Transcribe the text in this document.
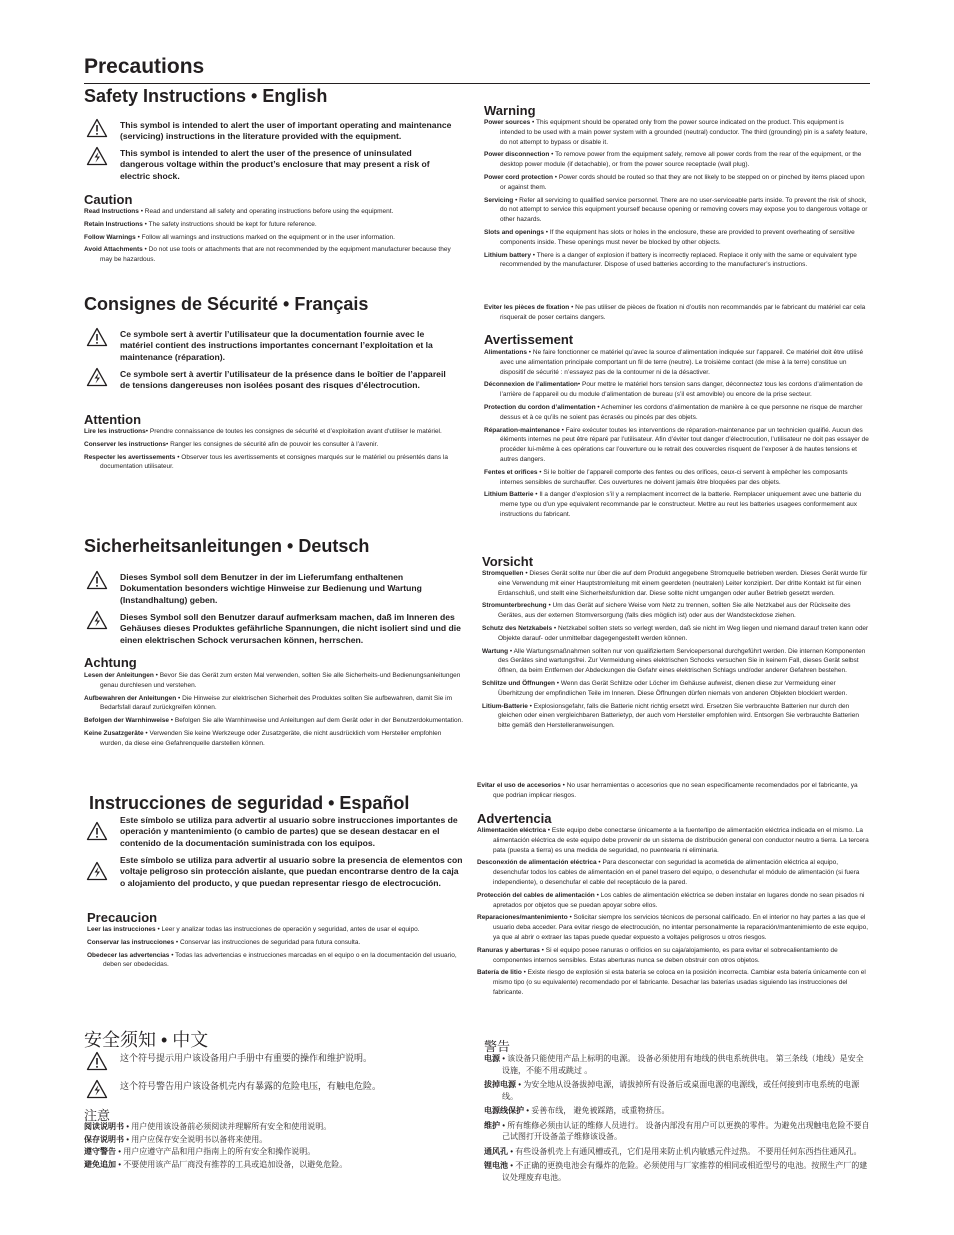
Precautions
Safety Instructions • English
This symbol is intended to alert the user of important operating and maintenance (servicing) instructions in the literature provided with the equipment.
This symbol is intended to alert the user of the presence of uninsulated dangerous voltage within the product’s enclosure that may present a risk of electric shock.
Caution
Read Instructions • Read and understand all safety and operating instructions before using the equipment.
Retain Instructions • The safety instructions should be kept for future reference.
Follow Warnings • Follow all warnings and instructions marked on the equipment or in the user information.
Avoid Attachments • Do not use tools or attachments that are not recommended by the equipment manufacturer because they may be hazardous.
Warning
Power sources • This equipment should be operated only from the power source indicated on the product. This equipment is intended to be used with a main power system with a grounded (neutral) conductor. The third (grounding) pin is a safety feature, do not attempt to bypass or disable it.
Power disconnection • To remove power from the equipment safely, remove all power cords from the rear of the equipment, or the desktop power module (if detachable), or from the power source receptacle (wall plug).
Power cord protection • Power cords should be routed so that they are not likely to be stepped on or pinched by items placed upon or against them.
Servicing • Refer all servicing to qualified service personnel. There are no user-serviceable parts inside. To prevent the risk of shock, do not attempt to service this equipment yourself because opening or removing covers may expose you to dangerous voltage or other hazards.
Slots and openings • If the equipment has slots or holes in the enclosure, these are provided to prevent overheating of sensitive components inside. These openings must never be blocked by other objects.
Lithium battery • There is a danger of explosion if battery is incorrectly replaced. Replace it only with the same or equivalent type recommended by the manufacturer. Dispose of used batteries according to the manufacturer’s instructions.
Consignes de Sécurité • Français
Ce symbole sert à avertir l’utilisateur que la documentation fournie avec le matériel contient des instructions importantes concernant l’exploitation et la maintenance (réparation).
Ce symbole sert à avertir l’utilisateur de la présence dans le boîtier de l’appareil de tensions dangereuses non isolées posant des risques d’électrocution.
Attention
Lire les instructions• Prendre connaissance de toutes les consignes de sécurité et d’exploitation avant d’utiliser le matériel.
Conserver les instructions• Ranger les consignes de sécurité afin de pouvoir les consulter à l’avenir.
Respecter les avertissements • Observer tous les avertissements et consignes marqués sur le matériel ou présentés dans la documentation utilisateur.
Eviter les pièces de fixation • Ne pas utiliser de pièces de fixation ni d’outils non recommandés par le fabricant du matériel car cela risquerait de poser certains dangers.
Avertissement
Alimentations • Ne faire fonctionner ce matériel qu’avec la source d’alimentation indiquée sur l’appareil. Ce matériel doit être utilisé avec une alimentation principale comportant un fil de terre (neutre). Le troisième contact (de mise à la terre) constitue un dispositif de sécurité : n’essayez pas de la contourner ni de la désactiver.
Déconnexion de l’alimentation• Pour mettre le matériel hors tension sans danger, déconnectez tous les cordons d’alimentation de l’arrière de l’appareil ou du module d’alimentation de bureau (s’il est amovible) ou encore de la prise secteur.
Protection du cordon d’alimentation • Acheminer les cordons d’alimentation de manière à ce que personne ne risque de marcher dessus et à ce qu’ils ne soient pas écrasés ou pincés par des objets.
Réparation-maintenance • Faire exécuter toutes les interventions de réparation-maintenance par un technicien qualifié. Aucun des éléments internes ne peut être réparé par l’utilisateur. Afin d’éviter tout danger d’électrocution, l’utilisateur ne doit pas essayer de procéder lui-même à ces opérations car l’ouverture ou le retrait des couvercles risquent de l’exposer à de hautes tensions et autres dangers.
Fentes et orifices • Si le boîtier de l’appareil comporte des fentes ou des orifices, ceux-ci servent à empêcher les composants internes sensibles de surchauffer. Ces ouvertures ne doivent jamais être bloquées par des objets.
Lithium Batterie • Il a danger d’explosion s’il y a remplacment incorrect de la batterie. Remplacer uniquement avec une batterie du meme type ou d’un ype equivalent recommande par le constructeur. Mettre au reut les batteries usagees conformement aux instructions du fabricant.
Sicherheitsanleitungen • Deutsch
Dieses Symbol soll dem Benutzer in der im Lieferumfang enthaltenen Dokumentation besonders wichtige Hinweise zur Bedienung und Wartung (Instandhaltung) geben.
Dieses Symbol soll den Benutzer darauf aufmerksam machen, daß im Inneren des Gehäuses dieses Produktes gefährliche Spannungen, die nicht isoliert sind und die einen elektrischen Schock verursachen können, herrschen.
Achtung
Lesen der Anleitungen • Bevor Sie das Gerät zum ersten Mal verwenden, sollten Sie alle Sicherheits-und Bedienungsanleitungen genau durchlesen und verstehen.
Aufbewahren der Anleitungen • Die Hinweise zur elektrischen Sicherheit des Produktes sollten Sie aufbewahren, damit Sie im Bedarfsfall darauf zurückgreifen können.
Befolgen der Warnhinweise • Befolgen Sie alle Warnhinweise und Anleitungen auf dem Gerät oder in der Benutzerdokumentation.
Keine Zusatzgeräte • Verwenden Sie keine Werkzeuge oder Zusatzgeräte, die nicht ausdrücklich vom Hersteller empfohlen wurden, da diese eine Gefahrenquelle darstellen können.
Vorsicht
Stromquellen • Dieses Gerät sollte nur über die auf dem Produkt angegebene Stromquelle betrieben werden. Dieses Gerät wurde für eine Verwendung mit einer Hauptstromleitung mit einem geerdeten (neutralen) Leiter konzipiert. Der dritte Kontakt ist für einen Erdanschluß, und stellt eine Sicherheitsfunktion dar. Diese sollte nicht umgangen oder außer Betrieb gesetzt werden.
Stromunterbrechung • Um das Gerät auf sichere Weise vom Netz zu trennen, sollten Sie alle Netzkabel aus der Rückseite des Gerätes, aus der externen Stomversorgung (falls dies möglich ist) oder aus der Wandsteckdose ziehen.
Schutz des Netzkabels • Netzkabel sollten stets so verlegt werden, daß sie nicht im Weg liegen und niemand darauf treten kann oder Objekte darauf- oder unmittelbar dagegengestellt werden können.
Wartung • Alle Wartungsmaßnahmen sollten nur von qualifiziertem Servicepersonal durchgeführt werden. Die internen Komponenten des Gerätes sind wartungsfrei. Zur Vermeidung eines elektrischen Schocks versuchen Sie in keinem Fall, dieses Gerät selbst öffnen, da beim Entfernen der Abdeckungen die Gefahr eines elektrischen Schlags und/oder anderer Gefahren bestehen.
Schlitze und Öffnungen • Wenn das Gerät Schlitze oder Löcher im Gehäuse aufweist, dienen diese zur Vermeidung einer Überhitzung der empfindlichen Teile im Inneren. Diese Öffnungen dürfen niemals von anderen Objekten blockiert werden.
Litium-Batterie • Explosionsgefahr, falls die Batterie nicht richtig ersetzt wird. Ersetzen Sie verbrauchte Batterien nur durch den gleichen oder einen vergleichbaren Batterietyp, der auch vom Hersteller empfohlen wird. Entsorgen Sie verbrauchte Batterien bitte gemäß den Herstelleranweisungen.
Instrucciones de seguridad • Español
Este símbolo se utiliza para advertir al usuario sobre instrucciones importantes de operación y mantenimiento (o cambio de partes) que se desean destacar en el contenido de la documentación suministrada con los equipos.
Este símbolo se utiliza para advertir al usuario sobre la presencia de elementos con voltaje peligroso sin protección aislante, que puedan encontrarse dentro de la caja o alojamiento del producto, y que puedan representar riesgo de electrocución.
Precaucion
Leer las instrucciones • Leer y analizar todas las instrucciones de operación y seguridad, antes de usar el equipo.
Conservar las instrucciones • Conservar las instrucciones de seguridad para futura consulta.
Obedecer las advertencias • Todas las advertencias e instrucciones marcadas en el equipo o en la documentación del usuario, deben ser obedecidas.
Evitar el uso de accesorios • No usar herramientas o accesorios que no sean especificamente recomendados por el fabricante, ya que podrian implicar riesgos.
Advertencia
Alimentación eléctrica • Este equipo debe conectarse únicamente a la fuente/tipo de alimentación eléctrica indicada en el mismo. La alimentación eléctrica de este equipo debe provenir de un sistema de distribución general con conductor neutro a tierra. La tercera pata (puesta a tierra) es una medida de seguridad, no puentearia ni eliminaria.
Desconexión de alimentación eléctrica • Para desconectar con seguridad la acometida de alimentación eléctrica al equipo, desenchufar todos los cables de alimentación en el panel trasero del equipo, o desenchufar el módulo de alimentación (si fuera independiente), o desenchufar el cable del receptáculo de la pared.
Protección del cables de alimentación • Los cables de alimentación eléctrica se deben instalar en lugares donde no sean pisados ni apretados por objetos que se puedan apoyar sobre ellos.
Reparaciones/mantenimiento • Solicitar siempre los servicios técnicos de personal calificado. En el interior no hay partes a las que el usuario deba acceder. Para evitar riesgo de electrocución, no intentar personalmente la reparación/mantenimiento de este equipo, ya que al abrir o extraer las tapas puede quedar expuesto a voltajes peligrosos u otros riesgos.
Ranuras y aberturas • Si el equipo posee ranuras o orificios en su caja/alojamiento, es para evitar el sobrecalientamiento de componentes internos sensibles. Estas aberturas nunca se deben obstruir con otros objetos.
Batería de litio • Existe riesgo de explosión si esta batería se coloca en la posición incorrecta. Cambiar esta batería únicamente con el mismo tipo (o su equivalente) recomendado por el fabricante. Desachar las baterías usadas siguiendo las instrucciones del fabricante.
安全须知 • 中文
这个符号提示用户该设备用户手册中有重要的操作和维护说明。
这个符号警告用户该设备机壳内有暴露的危险电压，有触电危险。
注意
阅读说明书 • 用户使用该设备前必须阅读并理解所有安全和使用说明。
保存说明书 • 用户应保存安全说明书以备将来使用。
遵守警告 • 用户应遵守产品和用户指南上的所有安全和操作说明。
避免追加 • 不要使用该产品厂商没有推荐的工具或追加设备，以避免危险。
警告
电源 • 该设备只能使用产品上标明的电源。 设备必须使用有地线的供电系统供电。 第三条线（地线）是安全设施，不能不用或跳过 。
拔掉电源 • 为安全地从设备拔掉电源，请拔掉所有设备后或桌面电源的电源线，或任何接到市电系统的电源线。
电源线保护 • 妥善布线， 避免被踩踏，或重物挤压。
维护 • 所有维修必须由认证的维修人员进行。 设备内部没有用户可以更换的零件。为避免出现触电危险不要自己试图打开设备盖子维修该设备。
通风孔 • 有些设备机壳上有通风槽或孔，它们是用来防止机内敏感元件过热。 不要用任何东西挡住通风孔。
锂电池 • 不正确的更换电池会有爆炸的危险。必须使用与厂家推荐的相同或相近型号的电池。按照生产厂的建议处理废弃电池。
